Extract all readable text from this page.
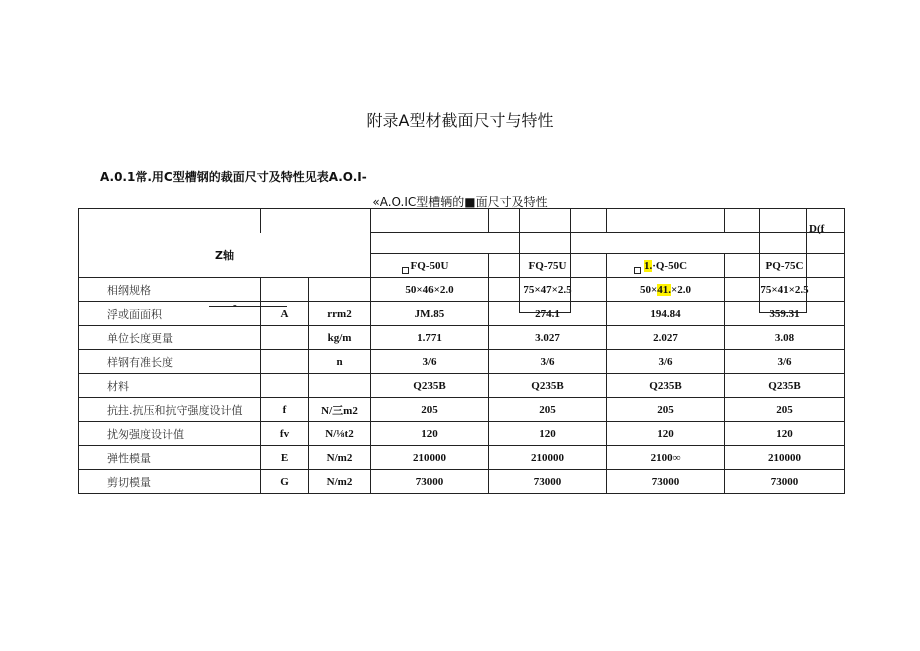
附录A型材截面尺寸与特性
A.0.1常.用C型槽钢的裁面尺寸及特性见表A.O.I-
«A.O.IC型槽辆的■面尺寸及特性
-						D(f

Z轴						
			FQ-50U	FQ-75U	1.·Q-50C	PQ-75C
相纲规格			50×46×2.0	75×47×2.5	50×41.×2.0	75×41×2.5
浮或面面积	A	rrm2	JM.85	274.1	194.84	359.31
单位长度更量		kg/m	1.771	3.027	2.027	3.08
样钢有准长度		n	3/6	3/6	3/6	3/6
材料			Q235B	Q235B	Q235B	Q235B
抗拄.抗压和抗守强度设计值	f	N/三m2	205	205	205	205
扰匆强度设计值	fv	N/⅛t2	120	120	120	120
弹性模量	E	N/m2	210000	210000	2100∞	210000
剪切模量	G	N/m2	73000	73000	73000	73000
